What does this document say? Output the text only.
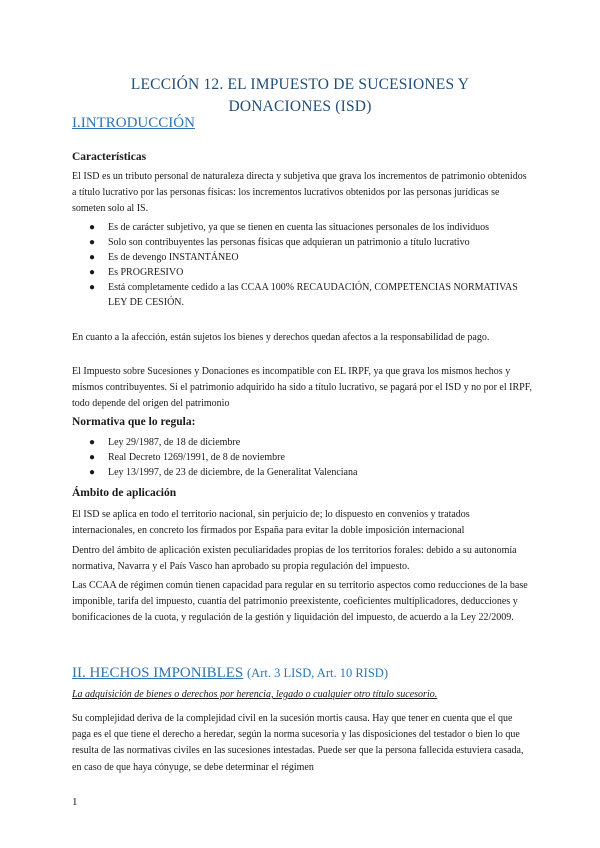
LECCIÓN 12. EL IMPUESTO DE SUCESIONES Y
DONACIONES (ISD)
I.INTRODUCCIÓN
Características

El ISD es un tributo personal de naturaleza directa y subjetiva que grava los incrementos de patrimonio obtenidos a título lucrativo por las personas físicas: los incrementos lucrativos obtenidos por las personas jurídicas se someten solo al IS.

● Es de carácter subjetivo, ya que se tienen en cuenta las situaciones personales de los individuos
● Solo son contribuyentes las personas físicas que adquieran un patrimonio a título lucrativo
● Es de devengo INSTANTÁNEO
● Es PROGRESIVO
● Está completamente cedido a las CCAA 100% RECAUDACIÓN, COMPETENCIAS NORMATIVAS LEY DE CESIÓN.

En cuanto a la afección, están sujetos los bienes y derechos quedan afectos a la responsabilidad de pago.

El Impuesto sobre Sucesiones y Donaciones es incompatible con EL IRPF, ya que grava los mismos hechos y mismos contribuyentes. Si el patrimonio adquirido ha sido a título lucrativo, se pagará por el ISD y no por el IRPF, todo depende del origen del patrimonio

Normativa que lo regula:
● Ley 29/1987, de 18 de diciembre
● Real Decreto 1269/1991, de 8 de noviembre
● Ley 13/1997, de 23 de diciembre, de la Generalitat Valenciana
Ámbito de aplicación

El ISD se aplica en todo el territorio nacional, sin perjuicio de; lo dispuesto en convenios y tratados internacionales, en concreto los firmados por España para evitar la doble imposición internacional

Dentro del ámbito de aplicación existen peculiaridades propias de los territorios forales: debido a su autonomía normativa, Navarra y el País Vasco han aprobado su propia regulación del impuesto.

Las CCAA de régimen común tienen capacidad para regular en su territorio aspectos como reducciones de la base imponible, tarifa del impuesto, cuantía del patrimonio preexistente, coeficientes multiplicadores, deducciones y bonificaciones de la cuota, y regulación de la gestión y liquidación del impuesto, de acuerdo a la Ley 22/2009.

II. HECHOS IMPONIBLES (Art. 3 LISD, Art. 10 RISD)
La adquisición de bienes o derechos por herencia, legado o cualquier otro título sucesorio.

Su complejidad deriva de la complejidad civil en la sucesión mortis causa. Hay que tener en cuenta que el que paga es el que tiene el derecho a heredar, según la norma sucesoria y las disposiciones del testador o bien lo que resulta de las normativas civiles en las sucesiones intestadas. Puede ser que la persona fallecida estuviera casada, en caso de que haya cónyuge, se debe determinar el régimen

1
